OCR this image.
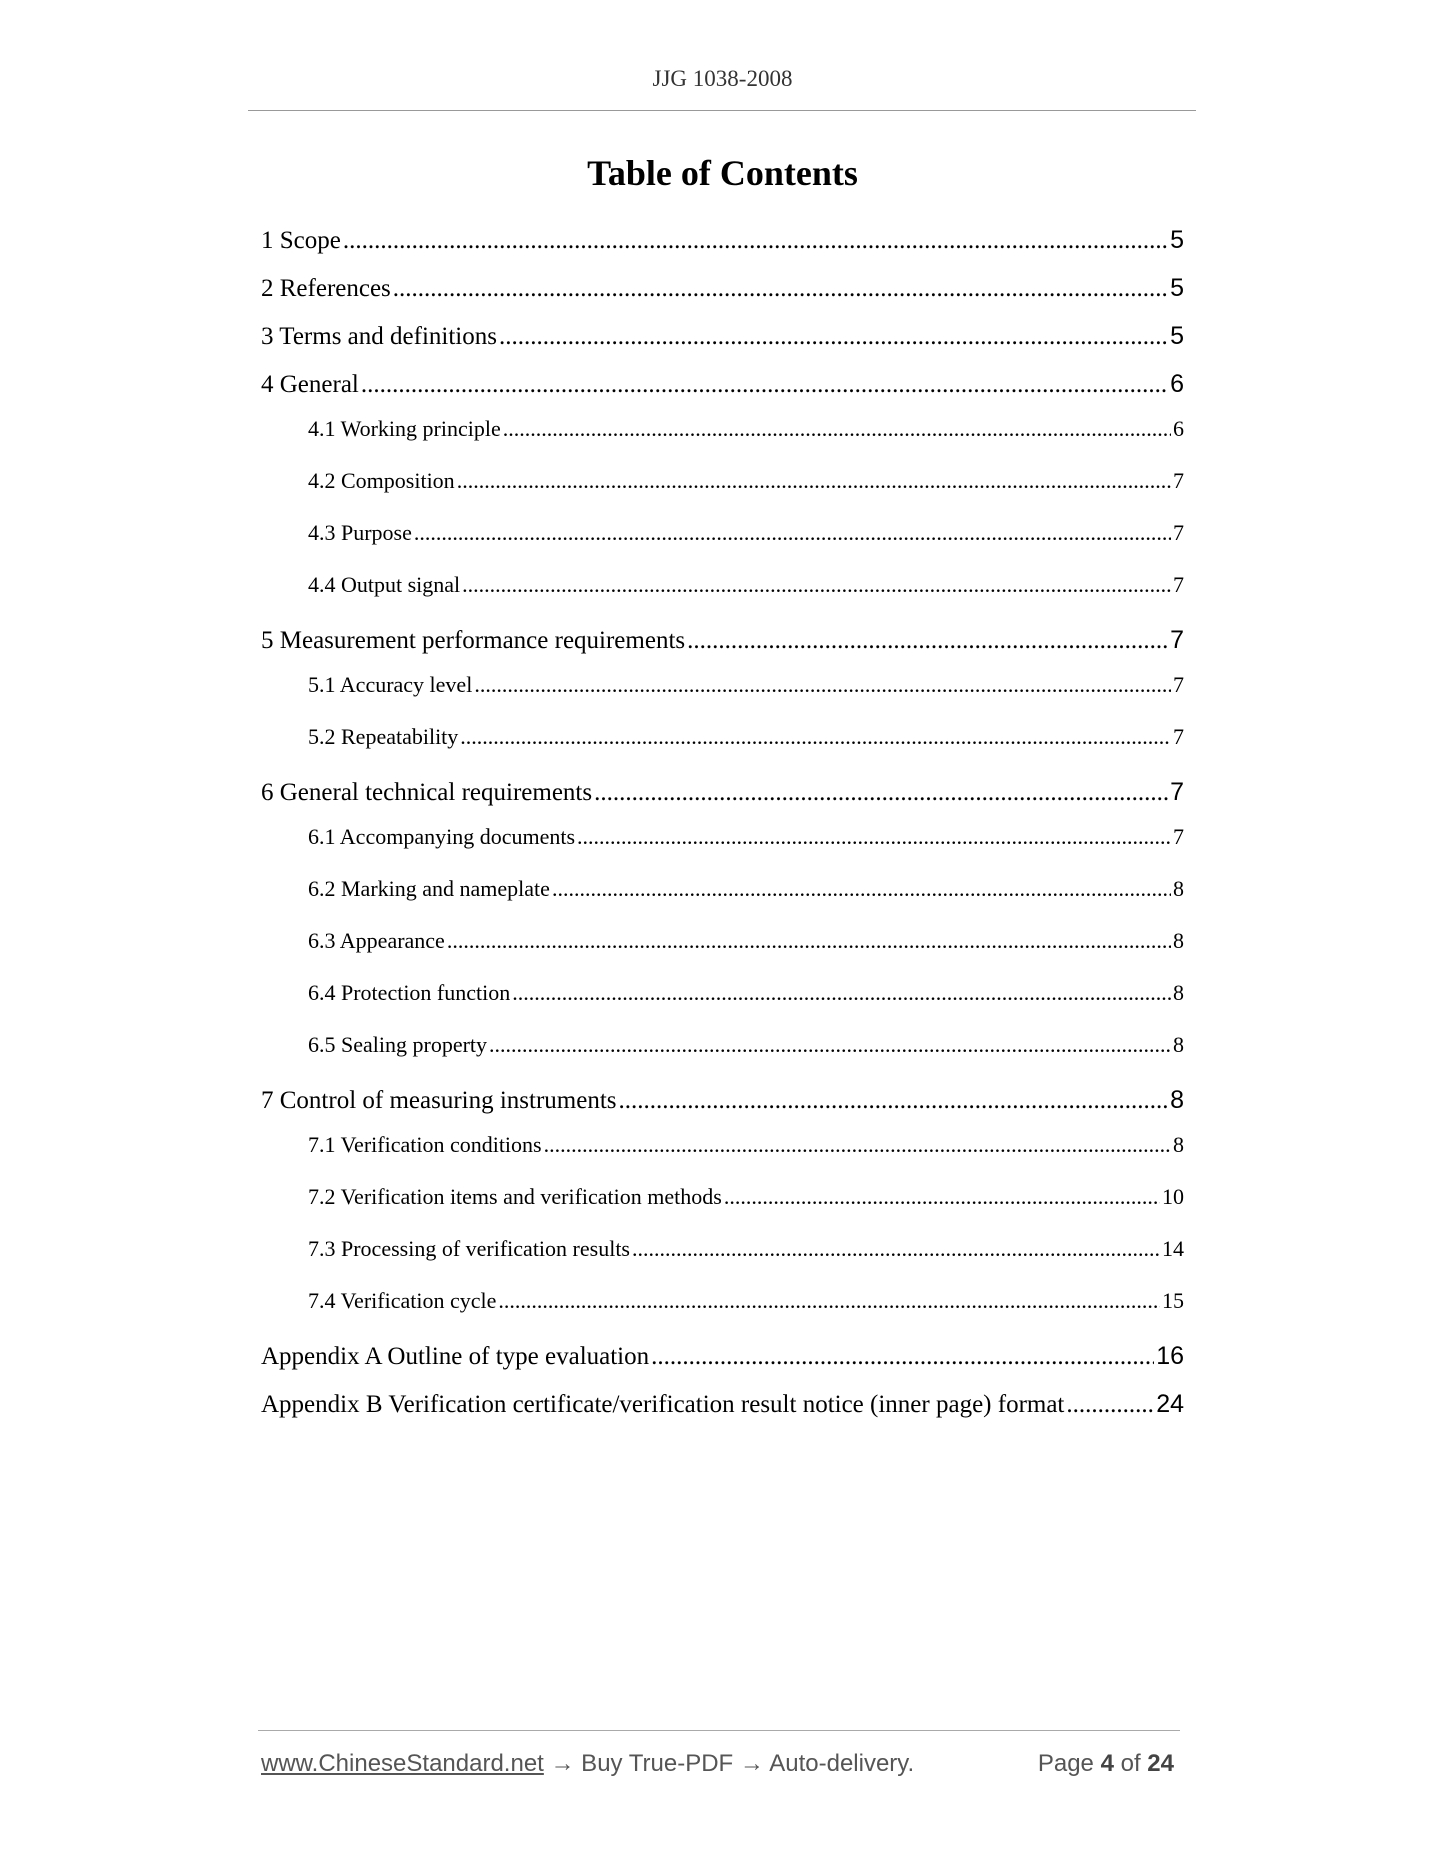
JJG 1038-2008
Table of Contents
1 Scope .....	5
2 References .....	5
3 Terms and definitions .....	5
4 General .....	6
4.1 Working principle .....	6
4.2 Composition .....	7
4.3 Purpose .....	7
4.4 Output signal .....	7
5 Measurement performance requirements .....	7
5.1 Accuracy level .....	7
5.2 Repeatability .....	7
6 General technical requirements .....	7
6.1 Accompanying documents .....	7
6.2 Marking and nameplate .....	8
6.3 Appearance .....	8
6.4 Protection function .....	8
6.5 Sealing property .....	8
7 Control of measuring instruments .....	8
7.1 Verification conditions .....	8
7.2 Verification items and verification methods .....	10
7.3 Processing of verification results .....	14
7.4 Verification cycle .....	15
Appendix A Outline of type evaluation .....	16
Appendix B Verification certificate/verification result notice (inner page) format .....	24
www.ChineseStandard.net → Buy True-PDF → Auto-delivery.	Page 4 of 24
